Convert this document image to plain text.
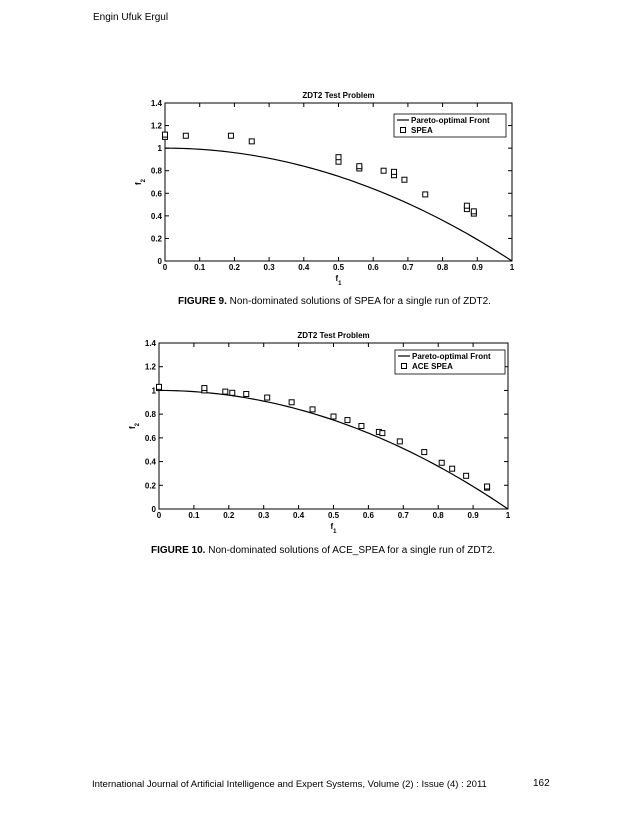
Engin Ufuk Ergul
ZDT2 Test Problem
0	0.1	0.2	0.3	0.4	0.5	0.6	0.7	0.8	0.9	1
0
0.2
0.4
0.6
0.8
1
1.2
1.4
$f_1$
$f_2$
Pareto-optimal Front
SPEA
FIGURE 9. Non-dominated solutions of SPEA for a single run of ZDT2.
ZDT2 Test Problem
0	0.1	0.2	0.3	0.4	0.5	0.6	0.7	0.8	0.9	1
0
0.2
0.4
0.6
0.8
1
1.2
1.4
$f_1$
$f_2$
Pareto-optimal Front
ACE SPEA
FIGURE 10. Non-dominated solutions of ACE_SPEA for a single run of ZDT2.
International Journal of Artificial Intelligence and Expert Systems, Volume (2) : Issue (4) : 2011	162
